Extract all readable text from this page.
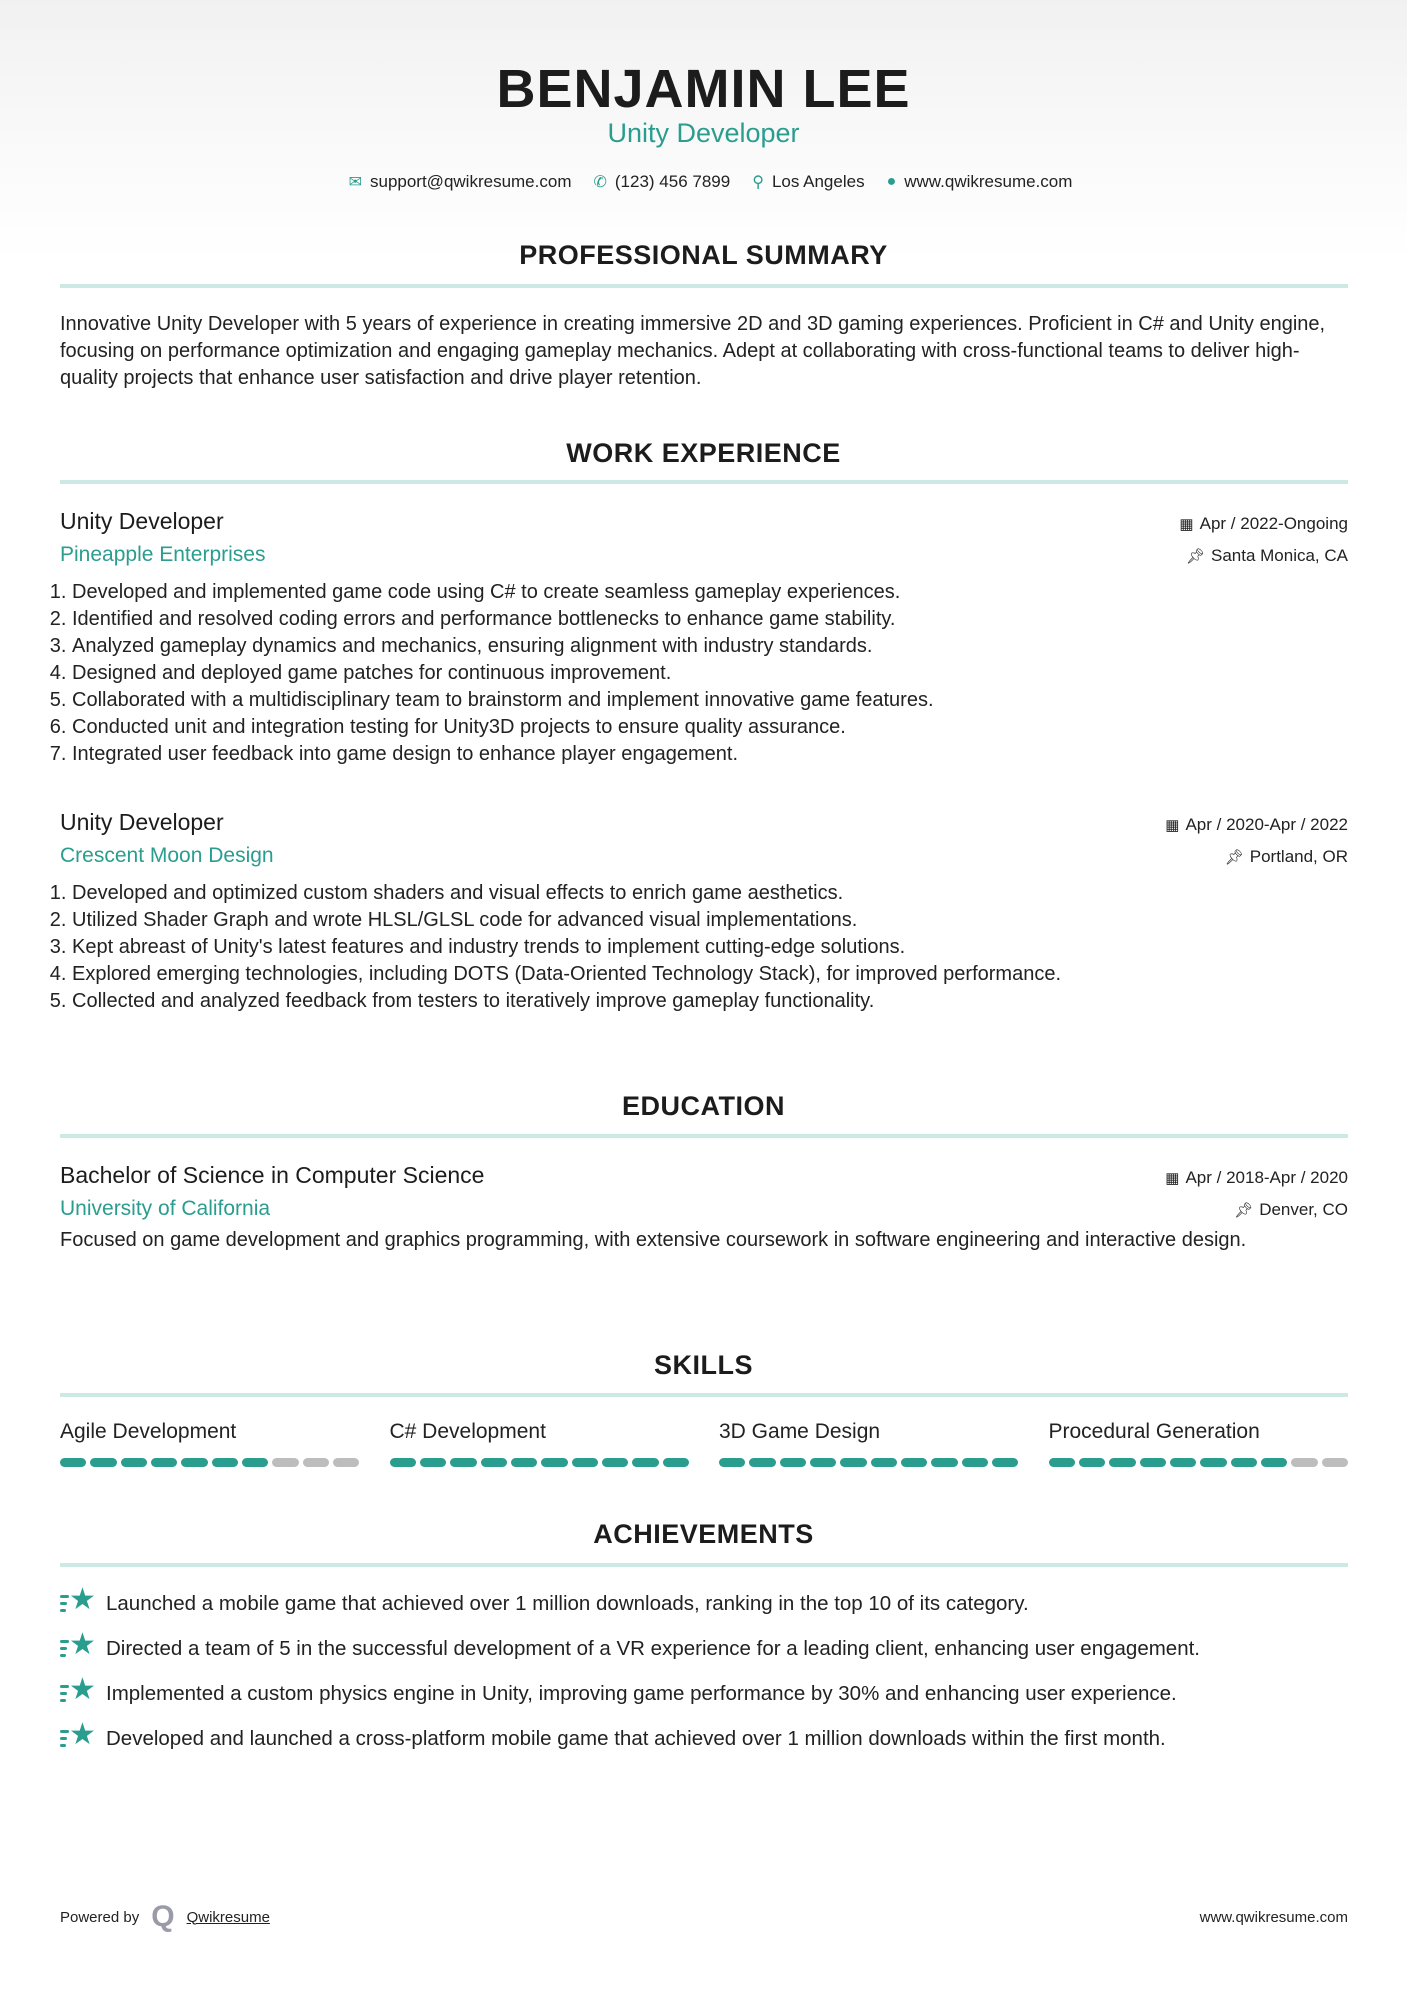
BENJAMIN LEE
Unity Developer
✉ support@qwikresume.com ✆ (123) 456 7899 ⚲ Los Angeles ● www.qwikresume.com
PROFESSIONAL SUMMARY
Innovative Unity Developer with 5 years of experience in creating immersive 2D and 3D gaming experiences. Proficient in C# and Unity engine, focusing on performance optimization and engaging gameplay mechanics. Adept at collaborating with cross-functional teams to deliver high-quality projects that enhance user satisfaction and drive player retention.
WORK EXPERIENCE
Unity Developer	▦ Apr / 2022-Ongoing
Pineapple Enterprises	📌︎ Santa Monica, CA
1. Developed and implemented game code using C# to create seamless gameplay experiences.
2. Identified and resolved coding errors and performance bottlenecks to enhance game stability.
3. Analyzed gameplay dynamics and mechanics, ensuring alignment with industry standards.
4. Designed and deployed game patches for continuous improvement.
5. Collaborated with a multidisciplinary team to brainstorm and implement innovative game features.
6. Conducted unit and integration testing for Unity3D projects to ensure quality assurance.
7. Integrated user feedback into game design to enhance player engagement.
Unity Developer	▦ Apr / 2020-Apr / 2022
Crescent Moon Design	📌︎ Portland, OR
1. Developed and optimized custom shaders and visual effects to enrich game aesthetics.
2. Utilized Shader Graph and wrote HLSL/GLSL code for advanced visual implementations.
3. Kept abreast of Unity's latest features and industry trends to implement cutting-edge solutions.
4. Explored emerging technologies, including DOTS (Data-Oriented Technology Stack), for improved performance.
5. Collected and analyzed feedback from testers to iteratively improve gameplay functionality.
EDUCATION
Bachelor of Science in Computer Science	▦ Apr / 2018-Apr / 2020
University of California	📌︎ Denver, CO
Focused on game development and graphics programming, with extensive coursework in software engineering and interactive design.
SKILLS
Agile Development	C# Development	3D Game Design	Procedural Generation
ACHIEVEMENTS
★ Launched a mobile game that achieved over 1 million downloads, ranking in the top 10 of its category.
★ Directed a team of 5 in the successful development of a VR experience for a leading client, enhancing user engagement.
★ Implemented a custom physics engine in Unity, improving game performance by 30% and enhancing user experience.
★ Developed and launched a cross-platform mobile game that achieved over 1 million downloads within the first month.
Powered by Q Qwikresume	www.qwikresume.com
